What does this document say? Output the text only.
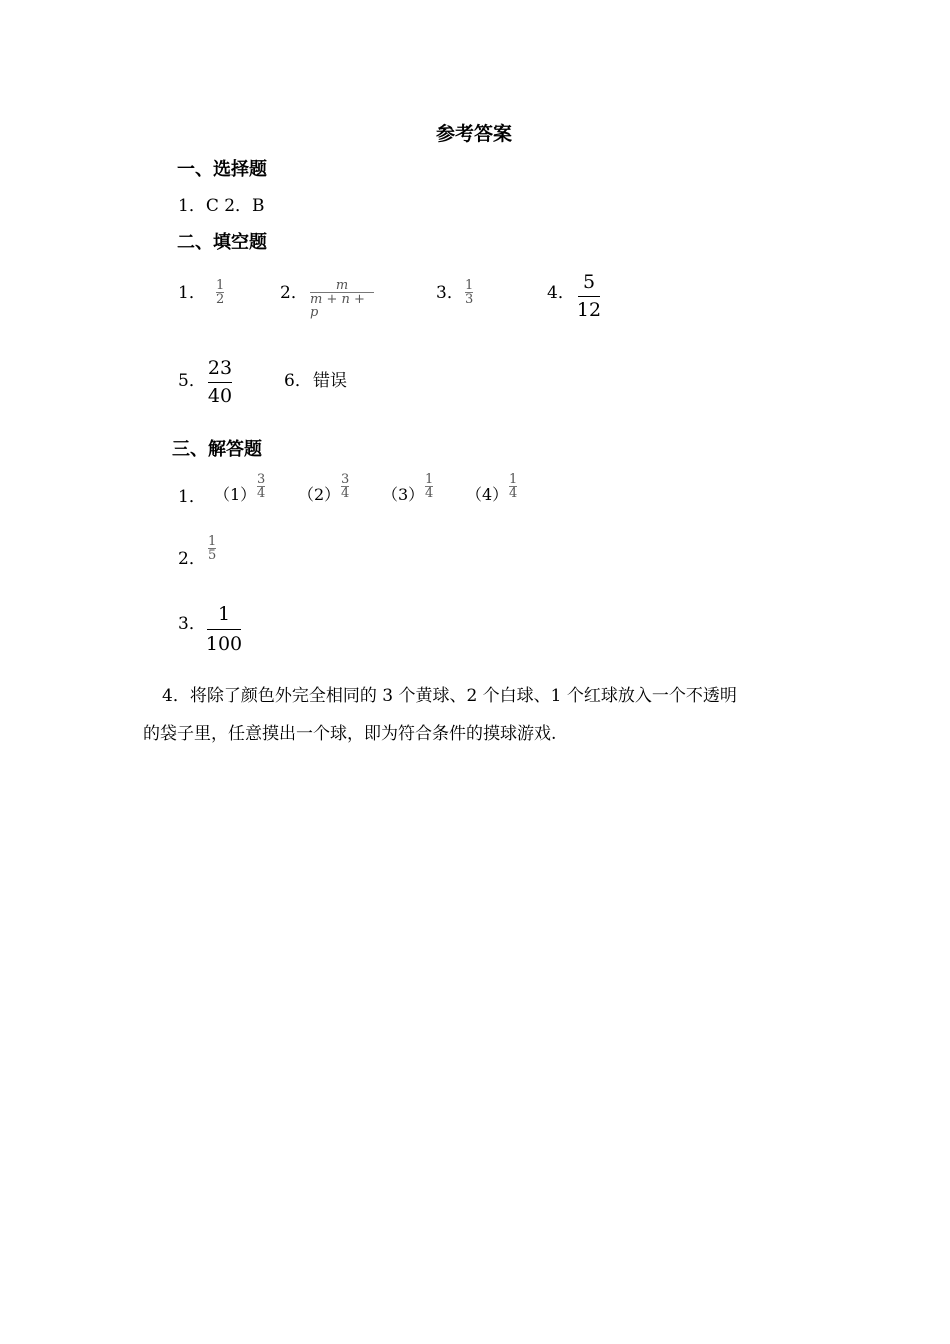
参考答案
一、选择题
1．C 2．B
二、填空题
1． 1
2	2． m
m + n + p
3． 1
3	4． 5
12
5．
23
40
6． 错误
三、解答题
1． （1）
3
4 （2）
3
4 （3）
1
4 （4）
1
4
2．
1
5
3． 1
100
4．将除了颜色外完全相同的 3 个黄球、2 个白球、1 个红球放入一个不透明
的袋子里，任意摸出一个球，即为符合条件的摸球游戏.
